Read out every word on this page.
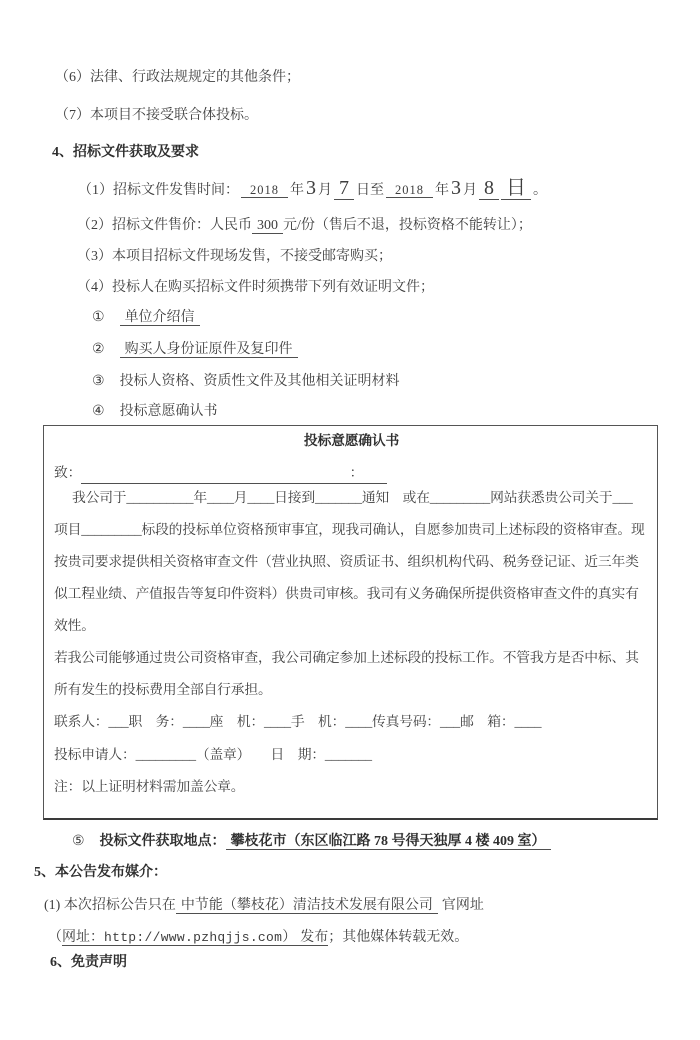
（6）法律、行政法规规定的其他条件；
（7）本项目不接受联合体投标。
4、招标文件获取及要求
（1）招标文件发售时间： 2018 年 3 月 7 日至 2018 年 3 月 8 日 。
（2）招标文件售价：人民币 300 元/份（售后不退，投标资格不能转让）；
（3）本项目招标文件现场发售，不接受邮寄购买；
（4）投标人在购买招标文件时须携带下列有效证明文件；
① 单位介绍信
② 购买人身份证原件及复印件
③ 投标人资格、资质性文件及其他相关证明材料
④ 投标意愿确认书
投标意愿确认书
致：	：
我公司于__________年____月____日接到_______通知　或在_________网站获悉贵公司关于___
项目_________标段的投标单位资格预审事宜，现我司确认，自愿参加贵司上述标段的资格审查。现
按贵司要求提供相关资格审查文件（营业执照、资质证书、组织机构代码、税务登记证、近三年类
似工程业绩、产值报告等复印件资料）供贵司审核。我司有义务确保所提供资格审查文件的真实有
效性。
若我公司能够通过贵公司资格审查，我公司确定参加上述标段的投标工作。不管我方是否中标、其
所有发生的投标费用全部自行承担。
联系人：___职　务：____座　机：____手　机：____传真号码：___邮　箱：____
投标申请人：_________（盖章）　　日　期：_______
注：以上证明材料需加盖公章。
⑤ 投标文件获取地点： 攀枝花市（东区临江路 78 号得天独厚 4 楼 409 室）
5、本公告发布媒介：
(1) 本次招标公告只在 中节能（攀枝花）清洁技术发展有限公司 官网址
（网址：http://www.pzhqjjs.com） 发布；其他媒体转载无效。
6、免责声明
